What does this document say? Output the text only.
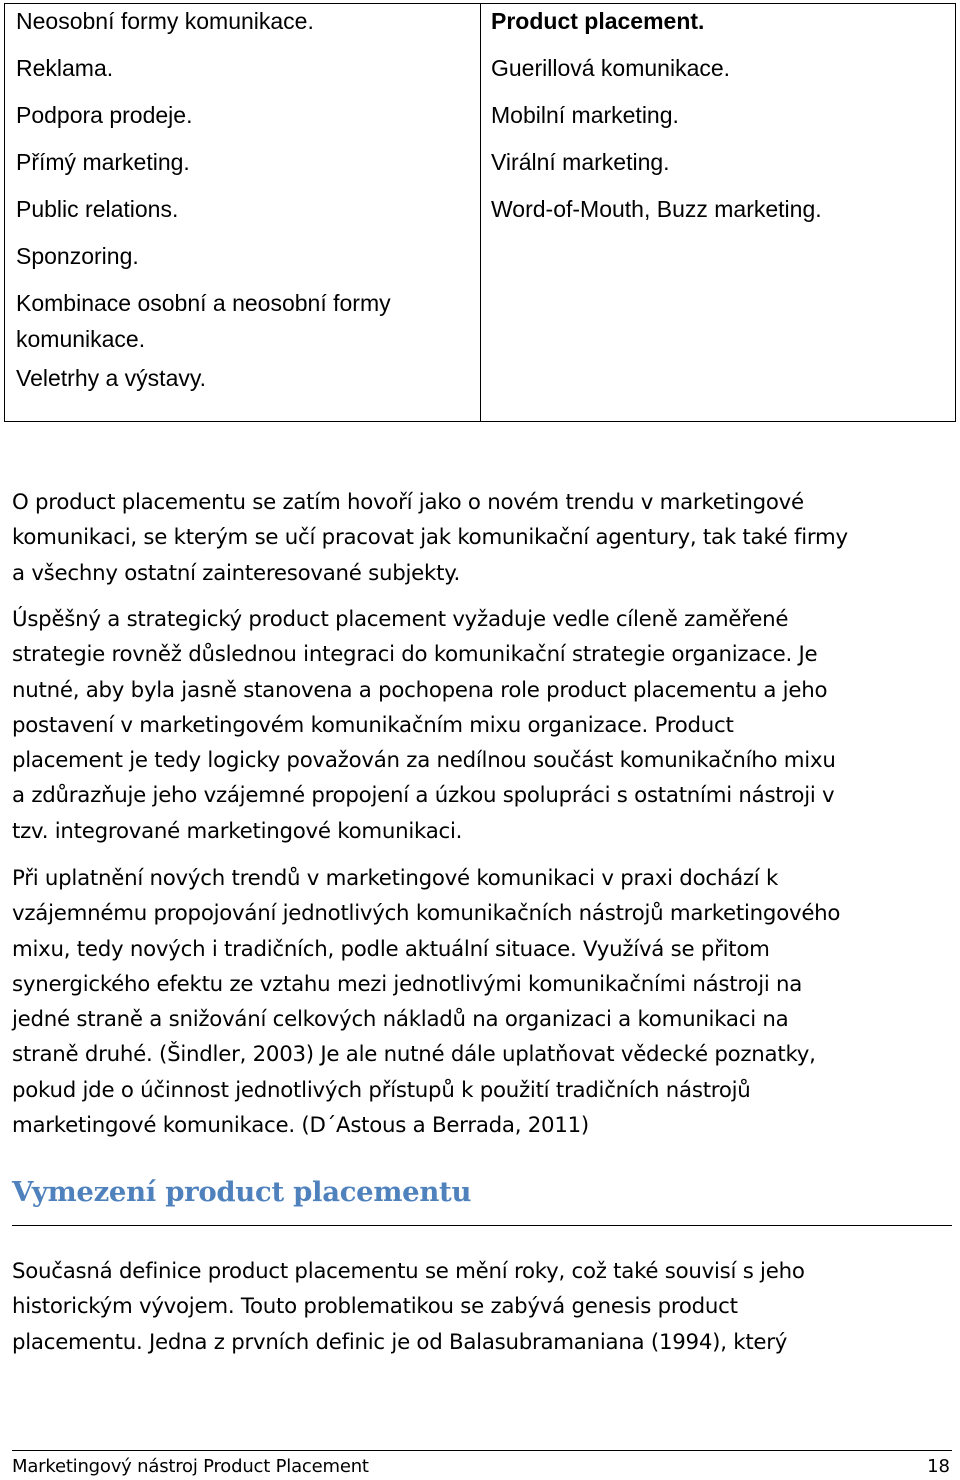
Neosobní formy komunikace.

Reklama.

Podpora prodeje.

Přímý marketing.

Public relations.

Sponzoring.

Kombinace osobní a neosobní formy komunikace.

Veletrhy a výstavy.

Product placement.

Guerillová komunikace.

Mobilní marketing.

Virální marketing.

Word-of-Mouth, Buzz marketing.

O product placementu se zatím hovoří jako o novém trendu v marketingové
komunikaci, se kterým se učí pracovat jak komunikační agentury, tak také firmy
a všechny ostatní zainteresované subjekty.

Úspěšný a strategický product placement vyžaduje vedle cíleně zaměřené
strategie rovněž důslednou integraci do komunikační strategie organizace. Je
nutné, aby byla jasně stanovena a pochopena role product placementu a jeho
postavení v marketingovém komunikačním mixu organizace. Product
placement je tedy logicky považován za nedílnou součást komunikačního mixu
a zdůrazňuje jeho vzájemné propojení a úzkou spolupráci s ostatními nástroji v
tzv. integrované marketingové komunikaci.

Při uplatnění nových trendů v marketingové komunikaci v praxi dochází k
vzájemnému propojování jednotlivých komunikačních nástrojů marketingového
mixu, tedy nových i tradičních, podle aktuální situace. Využívá se přitom
synergického efektu ze vztahu mezi jednotlivými komunikačními nástroji na
jedné straně a snižování celkových nákladů na organizaci a komunikaci na
straně druhé. (Šindler, 2003) Je ale nutné dále uplatňovat vědecké poznatky,
pokud jde o účinnost jednotlivých přístupů k použití tradičních nástrojů
marketingové komunikace. (D´Astous a Berrada, 2011)

Vymezení product placementu

Současná definice product placementu se mění roky, což také souvisí s jeho
historickým vývojem. Touto problematikou se zabývá genesis product
placementu. Jedna z prvních definic je od Balasubramaniana (1994), který

Marketingový nástroj Product Placement	18
